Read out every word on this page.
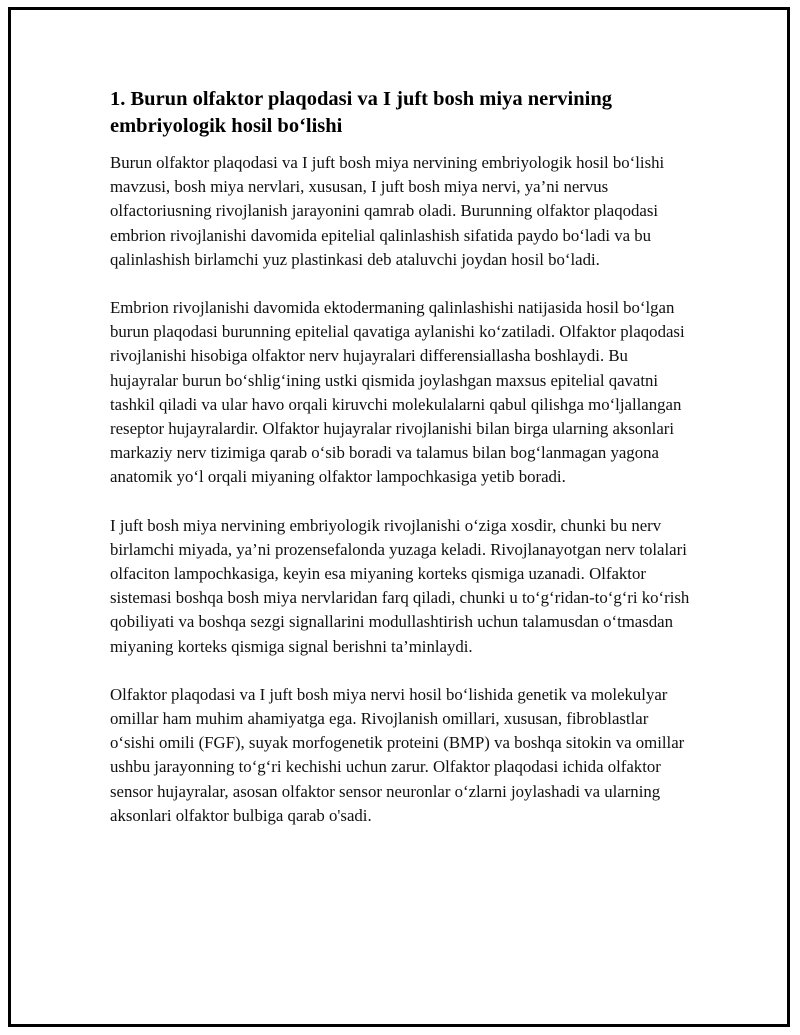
1. Burun olfaktor plaqodasi va I juft bosh miya nervining embriyologik hosil bo‘lishi

Burun olfaktor plaqodasi va I juft bosh miya nervining embriyologik hosil bo‘lishi mavzusi, bosh miya nervlari, xususan, I juft bosh miya nervi, ya’ni nervus olfactoriusning rivojlanish jarayonini qamrab oladi. Burunning olfaktor plaqodasi embrion rivojlanishi davomida epitelial qalinlashish sifatida paydo bo‘ladi va bu qalinlashish birlamchi yuz plastinkasi deb ataluvchi joydan hosil bo‘ladi.

Embrion rivojlanishi davomida ektodermaning qalinlashishi natijasida hosil bo‘lgan burun plaqodasi burunning epitelial qavatiga aylanishi ko‘zatiladi. Olfaktor plaqodasi rivojlanishi hisobiga olfaktor nerv hujayralari differensiallasha boshlaydi. Bu hujayralar burun bo‘shlig‘ining ustki qismida joylashgan maxsus epitelial qavatni tashkil qiladi va ular havo orqali kiruvchi molekulalarni qabul qilishga mo‘ljallangan reseptor hujayralardir. Olfaktor hujayralar rivojlanishi bilan birga ularning aksonlari markaziy nerv tizimiga qarab o‘sib boradi va talamus bilan bog‘lanmagan yagona anatomik yo‘l orqali miyaning olfaktor lampochkasiga yetib boradi.

I juft bosh miya nervining embriyologik rivojlanishi o‘ziga xosdir, chunki bu nerv birlamchi miyada, ya’ni prozensefalonda yuzaga keladi. Rivojlanayotgan nerv tolalari olfaciton lampochkasiga, keyin esa miyaning korteks qismiga uzanadi. Olfaktor sistemasi boshqa bosh miya nervlaridan farq qiladi, chunki u to‘g‘ridan-to‘g‘ri ko‘rish qobiliyati va boshqa sezgi signallarini modullashtirish uchun talamusdan o‘tmasdan miyaning korteks qismiga signal berishni ta’minlaydi.

Olfaktor plaqodasi va I juft bosh miya nervi hosil bo‘lishida genetik va molekulyar omillar ham muhim ahamiyatga ega. Rivojlanish omillari, xususan, fibroblastlar o‘sishi omili (FGF), suyak morfogenetik proteini (BMP) va boshqa sitokin va omillar ushbu jarayonning to‘g‘ri kechishi uchun zarur. Olfaktor plaqodasi ichida olfaktor sensor hujayralar, asosan olfaktor sensor neuronlar o‘zlarni joylashadi va ularning aksonlari olfaktor bulbiga qarab o'sadi.
